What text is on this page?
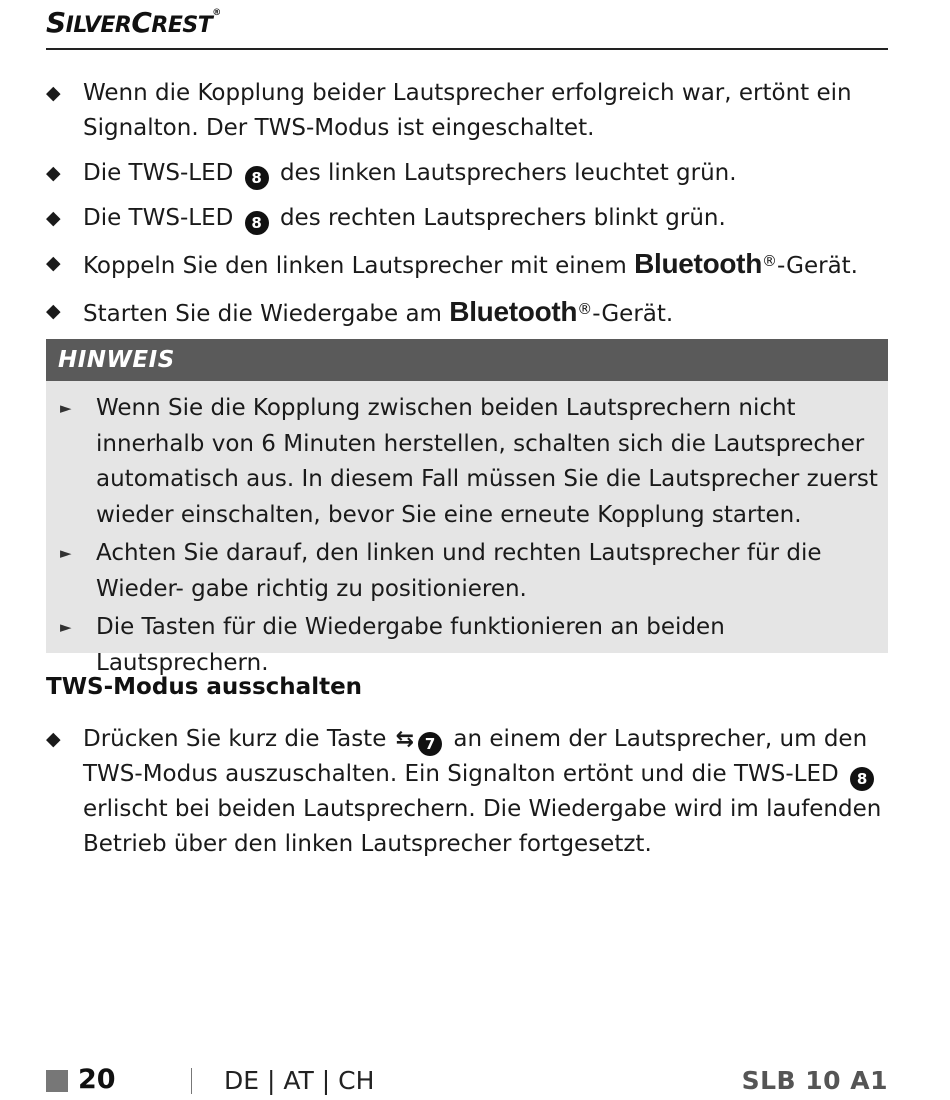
SILVERCREST®
◆ Wenn die Kopplung beider Lautsprecher erfolgreich war, ertönt ein Signalton. Der TWS-Modus ist eingeschaltet.
◆ Die TWS-LED 8 des linken Lautsprechers leuchtet grün.
◆ Die TWS-LED 8 des rechten Lautsprechers blinkt grün.
◆ Koppeln Sie den linken Lautsprecher mit einem Bluetooth®-Gerät.
◆ Starten Sie die Wiedergabe am Bluetooth®-Gerät.
HINWEIS
► Wenn Sie die Kopplung zwischen beiden Lautsprechern nicht innerhalb von 6 Minuten herstellen, schalten sich die Lautsprecher automatisch aus. In diesem Fall müssen Sie die Lautsprecher zuerst wieder einschalten, bevor Sie eine erneute Kopplung starten.
► Achten Sie darauf, den linken und rechten Lautsprecher für die Wieder- gabe richtig zu positionieren.
► Die Tasten für die Wiedergabe funktionieren an beiden Lautsprechern.
TWS-Modus ausschalten
◆ Drücken Sie kurz die Taste ⇆ 7 an einem der Lautsprecher, um den TWS-Modus auszuschalten. Ein Signalton ertönt und die TWS-LED 8 erlischt bei beiden Lautsprechern. Die Wiedergabe wird im laufenden Betrieb über den linken Lautsprecher fortgesetzt.
20	DE | AT | CH	SLB 10 A1
